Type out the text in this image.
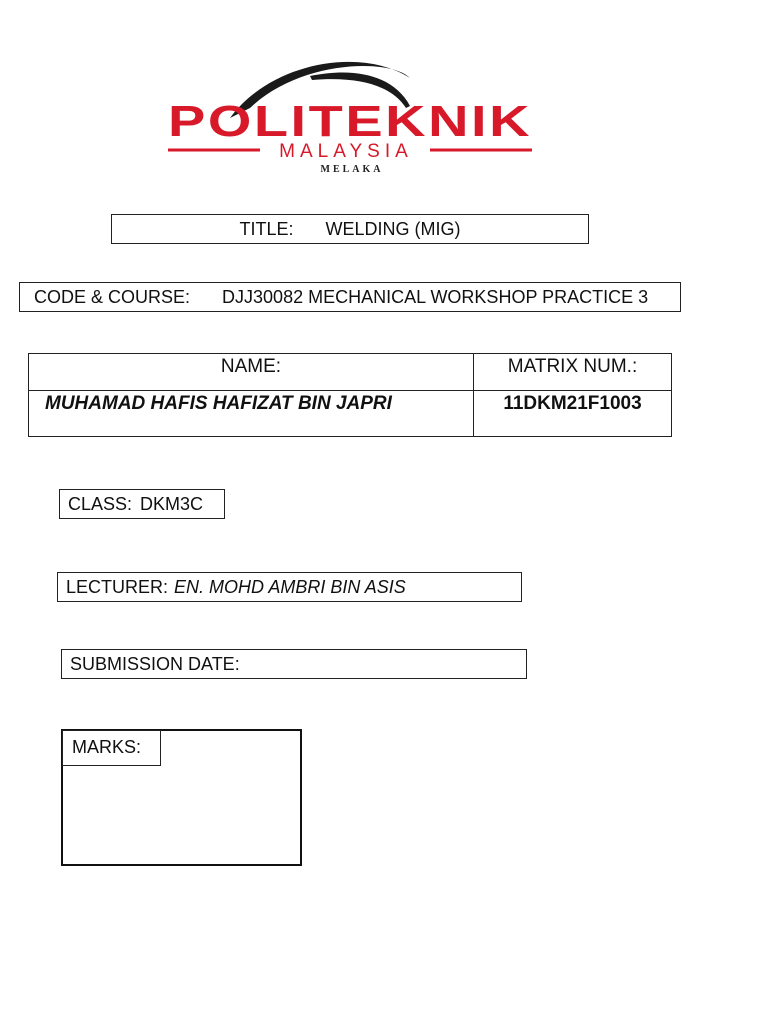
POLITEKNIK
MALAYSIA
MELAKA
TITLE: WELDING (MIG)
CODE & COURSE: DJJ30082 MECHANICAL WORKSHOP PRACTICE 3
NAME:	MATRIX NUM.:
MUHAMAD HAFIS HAFIZAT BIN JAPRI	11DKM21F1003
CLASS: DKM3C
LECTURER: EN. MOHD AMBRI BIN ASIS
SUBMISSION DATE:
MARKS:
